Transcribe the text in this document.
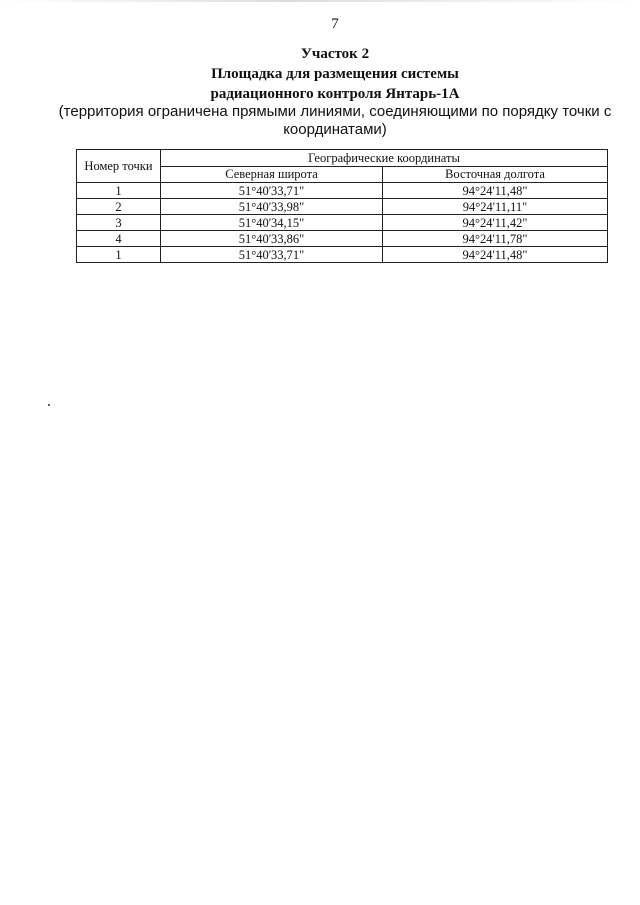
7
Участок 2
Площадка для размещения системы
радиационного контроля Янтарь-1А
(территория ограничена прямыми линиями, соединяющими по порядку точки с
координатами)
Номер точки	Географические координаты	
	Северная широта	Восточная долгота
1	51°40'33,71"	94°24'11,48"
2	51°40'33,98"	94°24'11,11"
3	51°40'34,15"	94°24'11,42"
4	51°40'33,86"	94°24'11,78"
1	51°40'33,71"	94°24'11,48"
